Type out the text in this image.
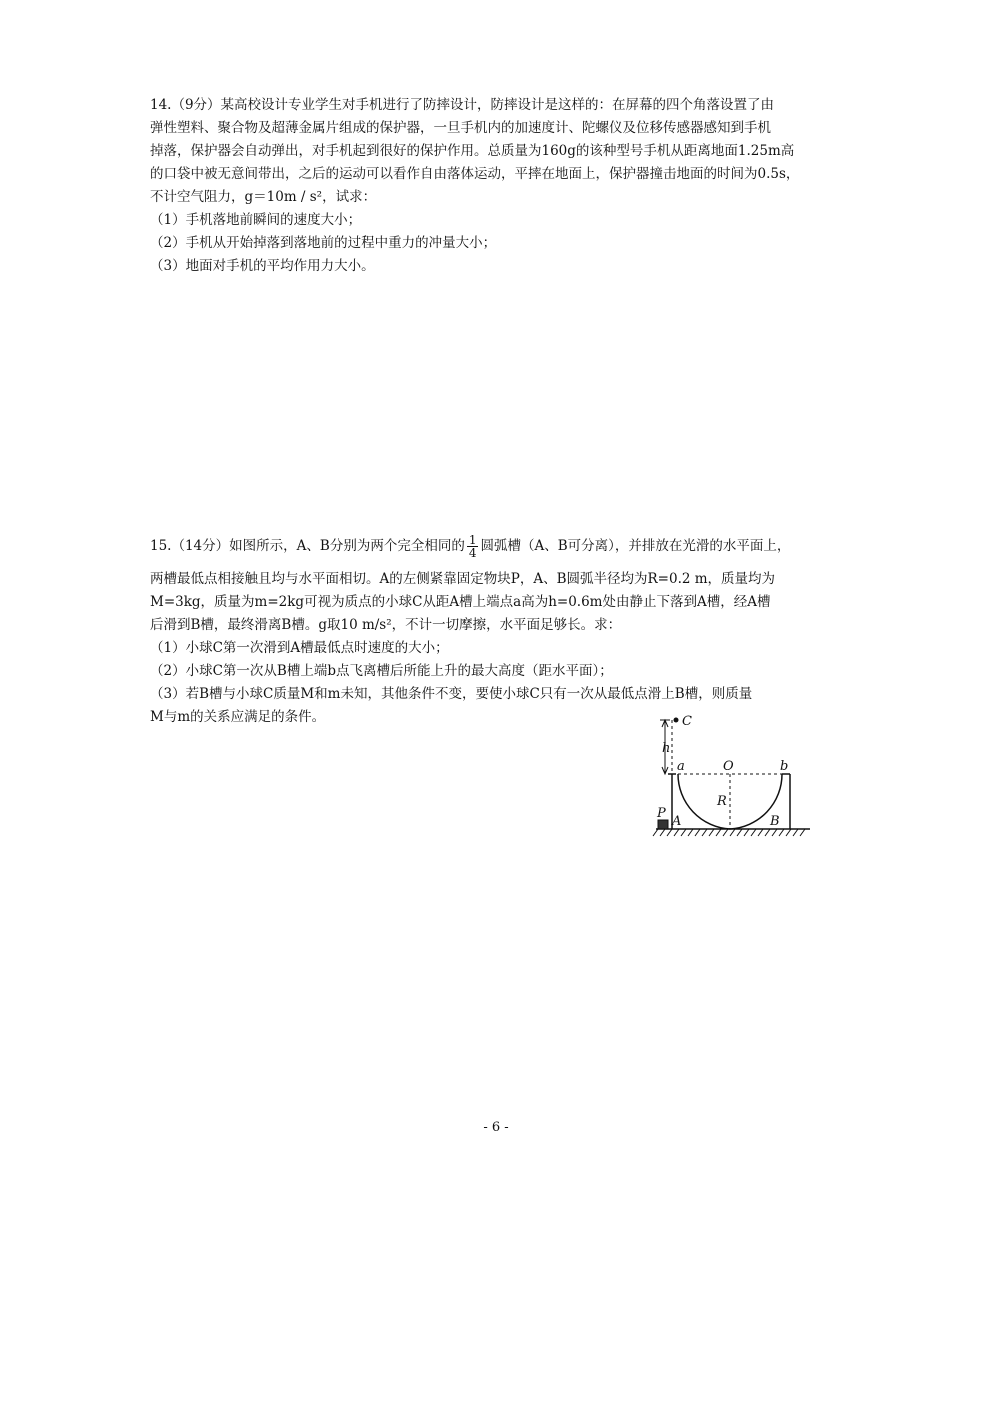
14.（9分）某高校设计专业学生对手机进行了防摔设计，防摔设计是这样的：在屏幕的四个角落设置了由
弹性塑料、聚合物及超薄金属片组成的保护器，一旦手机内的加速度计、陀螺仪及位移传感器感知到手机
掉落，保护器会自动弹出，对手机起到很好的保护作用。总质量为160g的该种型号手机从距离地面1.25m高
的口袋中被无意间带出，之后的运动可以看作自由落体运动，平摔在地面上，保护器撞击地面的时间为0.5s，
不计空气阻力，g＝10m / s²，试求：
（1）手机落地前瞬间的速度大小；
（2）手机从开始掉落到落地前的过程中重力的冲量大小；
（3）地面对手机的平均作用力大小。
15.（14分）如图所示，A、B分别为两个完全相同的 $\frac{1}{4}$ 圆弧槽（A、B可分离），并排放在光滑的水平面上，
两槽最低点相接触且均与水平面相切。A的左侧紧靠固定物块P，A、B圆弧半径均为R=0.2 m，质量均为
M=3kg，质量为m=2kg可视为质点的小球C从距A槽上端点a高为h=0.6m处由静止下落到A槽，经A槽
后滑到B槽，最终滑离B槽。g取10 m/s²，不计一切摩擦，水平面足够长。求：
（1）小球C第一次滑到A槽最低点时速度的大小；
（2）小球C第一次从B槽上端b点飞离槽后所能上升的最大高度（距水平面）；
（3）若B槽与小球C质量M和m未知，其他条件不变，要使小球C只有一次从最低点滑上B槽，则质量
M与m的关系应满足的条件。	C
h
a	O	b
R
P
A	B
- 6 -
